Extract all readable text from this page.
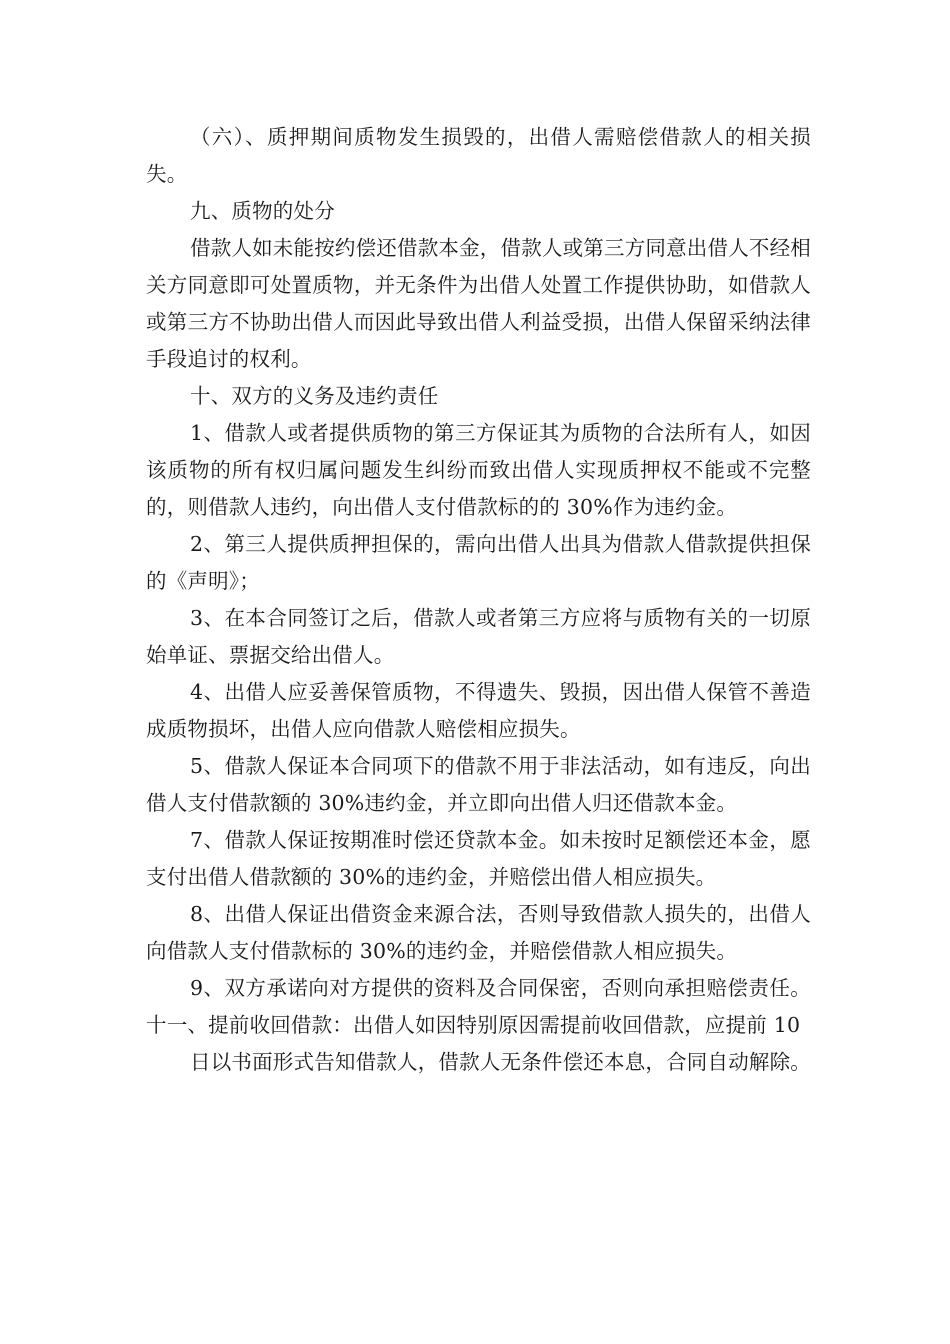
（六）、质押期间质物发生损毁的，出借人需赔偿借款人的相关损失。

九、质物的处分

借款人如未能按约偿还借款本金，借款人或第三方同意出借人不经相关方同意即可处置质物，并无条件为出借人处置工作提供协助，如借款人或第三方不协助出借人而因此导致出借人利益受损，出借人保留采纳法律手段追讨的权利。

十、双方的义务及违约责任

1、借款人或者提供质物的第三方保证其为质物的合法所有人，如因该质物的所有权归属问题发生纠纷而致出借人实现质押权不能或不完整的，则借款人违约，向出借人支付借款标的的 30%作为违约金。

2、第三人提供质押担保的，需向出借人出具为借款人借款提供担保的《声明》；

3、在本合同签订之后，借款人或者第三方应将与质物有关的一切原始单证、票据交给出借人。

4、出借人应妥善保管质物，不得遗失、毁损，因出借人保管不善造成质物损坏，出借人应向借款人赔偿相应损失。

5、借款人保证本合同项下的借款不用于非法活动，如有违反，向出借人支付借款额的 30%违约金，并立即向出借人归还借款本金。

7、借款人保证按期准时偿还贷款本金。如未按时足额偿还本金，愿支付出借人借款额的 30%的违约金，并赔偿出借人相应损失。

8、出借人保证出借资金来源合法，否则导致借款人损失的，出借人向借款人支付借款标的 30%的违约金，并赔偿借款人相应损失。

9、双方承诺向对方提供的资料及合同保密，否则向承担赔偿责任。十一、提前收回借款：出借人如因特别原因需提前收回借款，应提前 10

日以书面形式告知借款人，借款人无条件偿还本息，合同自动解除。
